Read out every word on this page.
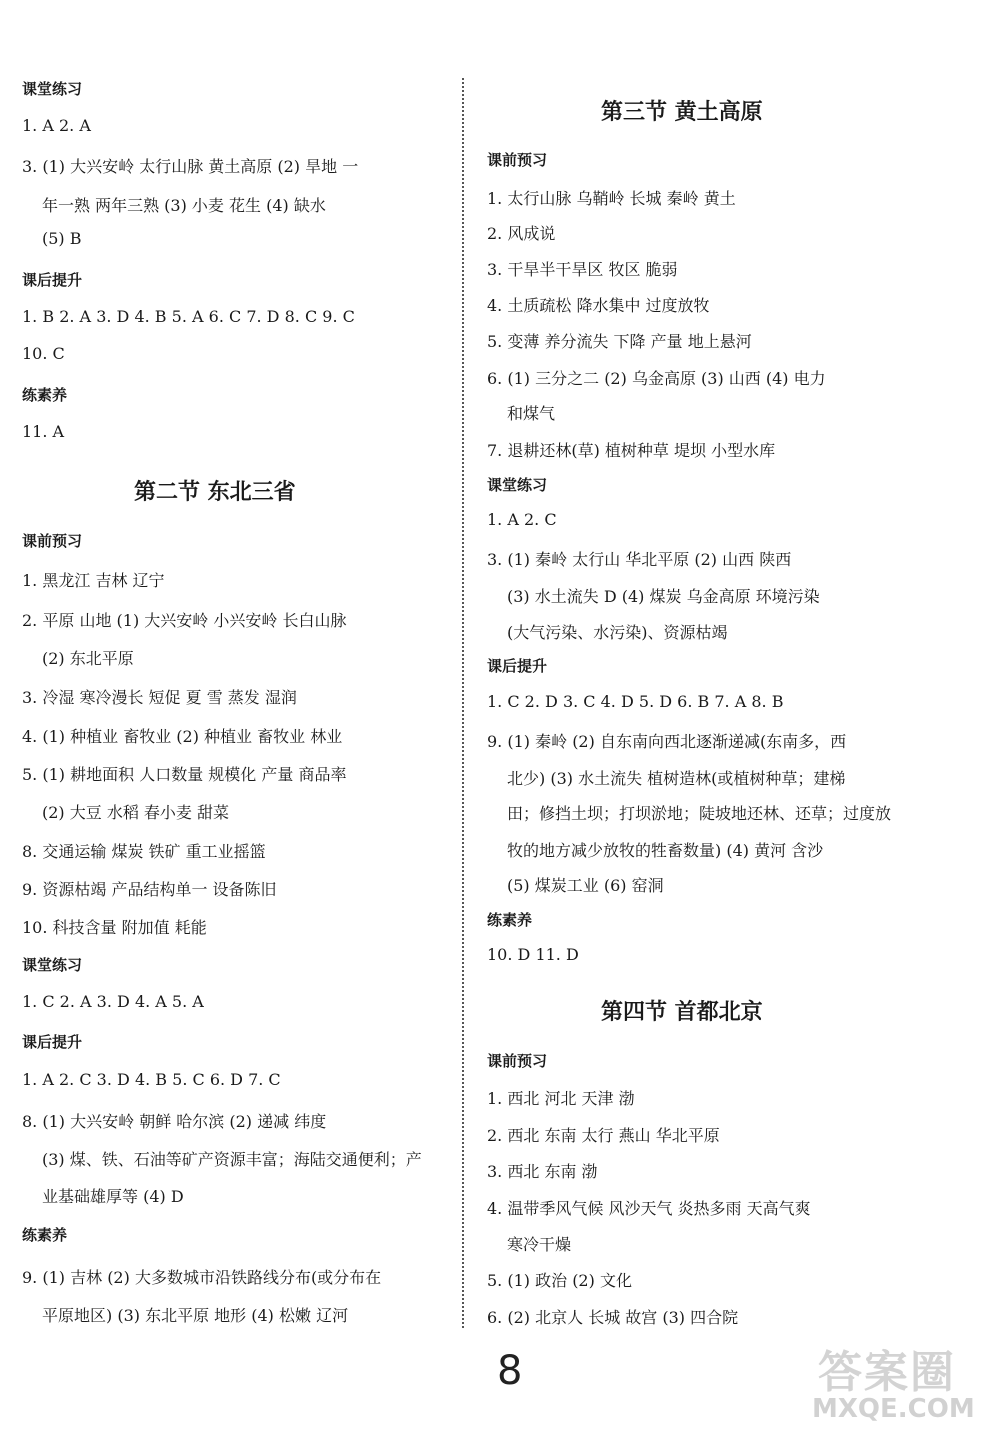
课堂练习
1. A 2. A
3. (1) 大兴安岭 太行山脉 黄土高原 (2) 旱地 一
年一熟 两年三熟 (3) 小麦 花生 (4) 缺水
(5) B
课后提升
1. B 2. A 3. D 4. B 5. A 6. C 7. D 8. C 9. C
10. C
练素养
11. A
第二节 东北三省
课前预习
1. 黑龙江 吉林 辽宁
2. 平原 山地 (1) 大兴安岭 小兴安岭 长白山脉
(2) 东北平原
3. 冷湿 寒冷漫长 短促 夏 雪 蒸发 湿润
4. (1) 种植业 畜牧业 (2) 种植业 畜牧业 林业
5. (1) 耕地面积 人口数量 规模化 产量 商品率
(2) 大豆 水稻 春小麦 甜菜
8. 交通运输 煤炭 铁矿 重工业摇篮
9. 资源枯竭 产品结构单一 设备陈旧
10. 科技含量 附加值 耗能
课堂练习
1. C 2. A 3. D 4. A 5. A
课后提升
1. A 2. C 3. D 4. B 5. C 6. D 7. C
8. (1) 大兴安岭 朝鲜 哈尔滨 (2) 递减 纬度
(3) 煤、铁、石油等矿产资源丰富；海陆交通便利；产
业基础雄厚等 (4) D
练素养
9. (1) 吉林 (2) 大多数城市沿铁路线分布(或分布在
平原地区) (3) 东北平原 地形 (4) 松嫩 辽河
第三节 黄土高原
课前预习
1. 太行山脉 乌鞘岭 长城 秦岭 黄土
2. 风成说
3. 干旱半干旱区 牧区 脆弱
4. 土质疏松 降水集中 过度放牧
5. 变薄 养分流失 下降 产量 地上悬河
6. (1) 三分之二 (2) 乌金高原 (3) 山西 (4) 电力
和煤气
7. 退耕还林(草) 植树种草 堤坝 小型水库
课堂练习
1. A 2. C
3. (1) 秦岭 太行山 华北平原 (2) 山西 陕西
(3) 水土流失 D (4) 煤炭 乌金高原 环境污染
(大气污染、水污染)、资源枯竭
课后提升
1. C 2. D 3. C 4. D 5. D 6. B 7. A 8. B
9. (1) 秦岭 (2) 自东南向西北逐渐递减(东南多，西
北少) (3) 水土流失 植树造林(或植树种草；建梯
田；修挡土坝；打坝淤地；陡坡地还林、还草；过度放
牧的地方减少放牧的牲畜数量) (4) 黄河 含沙
(5) 煤炭工业 (6) 窑洞
练素养
10. D 11. D
第四节 首都北京
课前预习
1. 西北 河北 天津 渤
2. 西北 东南 太行 燕山 华北平原
3. 西北 东南 渤
4. 温带季风气候 风沙天气 炎热多雨 天高气爽
寒冷干燥
5. (1) 政治 (2) 文化
6. (2) 北京人 长城 故宫 (3) 四合院
8	答案圈
MXQE.COM
